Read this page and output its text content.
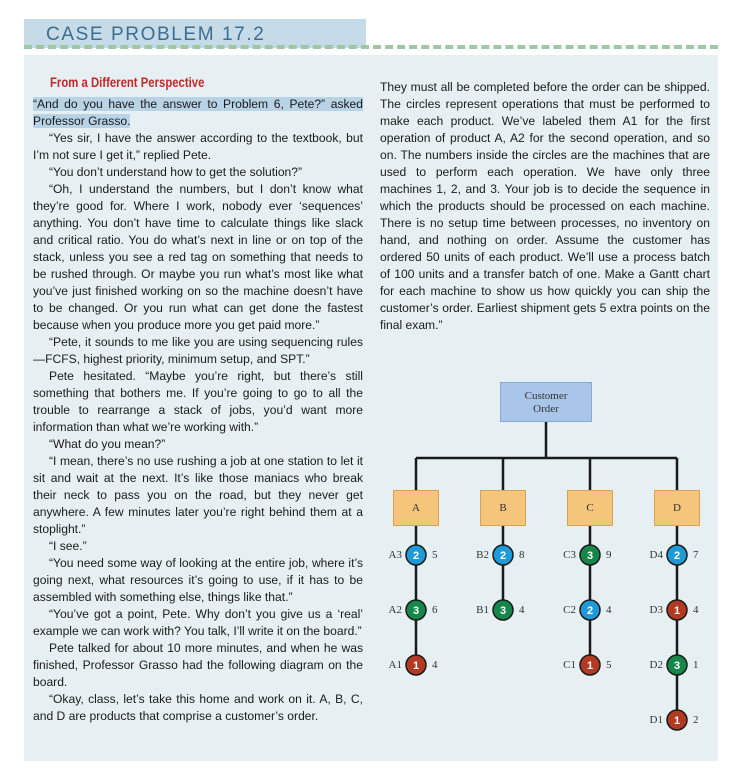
CASE PROBLEM 17.2
From a Different Perspective

“And do you have the answer to Problem 6, Pete?” asked Professor Grasso.

“Yes sir, I have the answer according to the textbook, but I’m not sure I get it,” replied Pete.

“You don’t understand how to get the solution?”

“Oh, I understand the numbers, but I don’t know what they’re good for. Where I work, nobody ever ‘sequences’ anything. You don’t have time to calculate things like slack and critical ratio. You do what’s next in line or on top of the stack, unless you see a red tag on something that needs to be rushed through. Or maybe you run what’s most like what you’ve just finished working on so the machine doesn’t have to be changed. Or you run what can get done the fastest because when you produce more you get paid more.”

“Pete, it sounds to me like you are using sequencing rules—FCFS, highest priority, minimum setup, and SPT.”

Pete hesitated. “Maybe you’re right, but there’s still something that bothers me. If you’re going to go to all the trouble to rearrange a stack of jobs, you’d want more information than what we’re working with.”

“What do you mean?”

“I mean, there’s no use rushing a job at one station to let it sit and wait at the next. It’s like those maniacs who break their neck to pass you on the road, but they never get anywhere. A few minutes later you’re right behind them at a stoplight.”

“I see.”

“You need some way of looking at the entire job, where it’s going next, what resources it’s going to use, if it has to be assembled with something else, things like that.”

“You’ve got a point, Pete. Why don’t you give us a ‘real’ example we can work with? You talk, I’ll write it on the board.”

Pete talked for about 10 more minutes, and when he was finished, Professor Grasso had the following diagram on the board.

“Okay, class, let’s take this home and work on it. A, B, C, and D are products that comprise a customer’s order.

They must all be completed before the order can be shipped. The circles represent operations that must be performed to make each product. We’ve labeled them A1 for the first operation of product A, A2 for the second operation, and so on. The numbers inside the circles are the machines that are used to perform each operation. We have only three machines 1, 2, and 3. Your job is to decide the sequence in which the products should be processed on each machine. There is no setup time between processes, no inventory on hand, and nothing on order. Assume the customer has ordered 50 units of each product. We’ll use a process batch of 100 units and a transfer batch of one. Make a Gantt chart for each machine to show us how quickly you can ship the customer’s order. Earliest shipment gets 5 extra points on the final exam.”

2
3
1
2
3
3
2
1
2
1
3
1
Customer
Order
A
A3	5
A2	6
A1	4
B
B2	8
B1	4
C
C3	9
C2	4
C1	5
D
D4	7
D3	4
D2	1
D1	2
